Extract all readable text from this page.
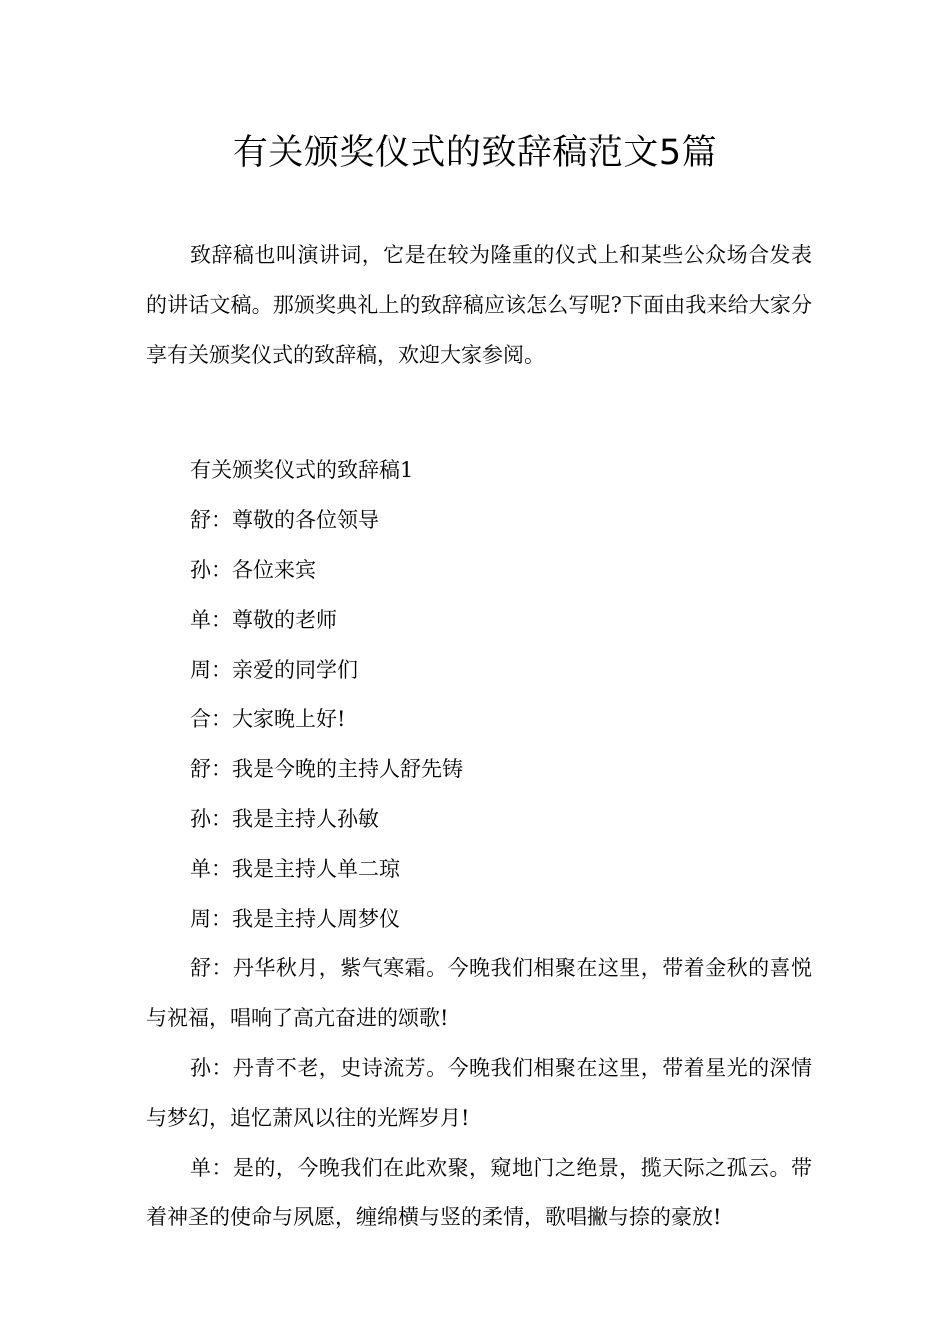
有关颁奖仪式的致辞稿范文5篇

致辞稿也叫演讲词，它是在较为隆重的仪式上和某些公众场合发表的讲话文稿。那颁奖典礼上的致辞稿应该怎么写呢?下面由我来给大家分享有关颁奖仪式的致辞稿，欢迎大家参阅。

有关颁奖仪式的致辞稿1

舒：尊敬的各位领导

孙：各位来宾

单：尊敬的老师

周：亲爱的同学们

合：大家晚上好!

舒：我是今晚的主持人舒先铸

孙：我是主持人孙敏

单：我是主持人单二琼

周：我是主持人周梦仪

舒：丹华秋月，紫气寒霜。今晚我们相聚在这里，带着金秋的喜悦与祝福，唱响了高亢奋进的颂歌!

孙：丹青不老，史诗流芳。今晚我们相聚在这里，带着星光的深情与梦幻，追忆萧风以往的光辉岁月!

单：是的，今晚我们在此欢聚，窥地门之绝景，揽天际之孤云。带着神圣的使命与夙愿，缠绵横与竖的柔情，歌唱撇与捺的豪放!
